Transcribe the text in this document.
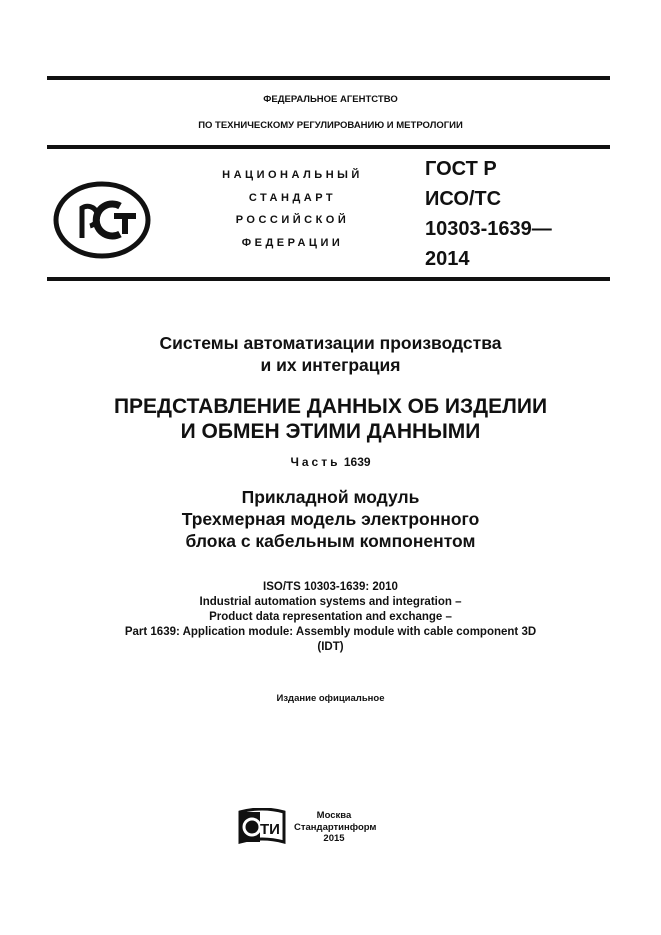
ФЕДЕРАЛЬНОЕ АГЕНТСТВО
ПО ТЕХНИЧЕСКОМУ РЕГУЛИРОВАНИЮ И МЕТРОЛОГИИ
НАЦИОНАЛЬНЫЙ
СТАНДАРТ
РОССИЙСКОЙ
ФЕДЕРАЦИИ
ГОСТ Р
ИСО/ТС
10303-1639—
2014
Системы автоматизации производства
и их интеграция
ПРЕДСТАВЛЕНИЕ ДАННЫХ ОБ ИЗДЕЛИИ
И ОБМЕН ЭТИМИ ДАННЫМИ
Часть 1639
Прикладной модуль
Трехмерная модель электронного
блока с кабельным компонентом
ISO/TS 10303-1639: 2010
Industrial automation systems and integration –
Product data representation and exchange –
Part 1639: Application module: Assembly module with cable component 3D
(IDT)
Издание официальное
ТИ
Москва
Стандартинформ
2015
